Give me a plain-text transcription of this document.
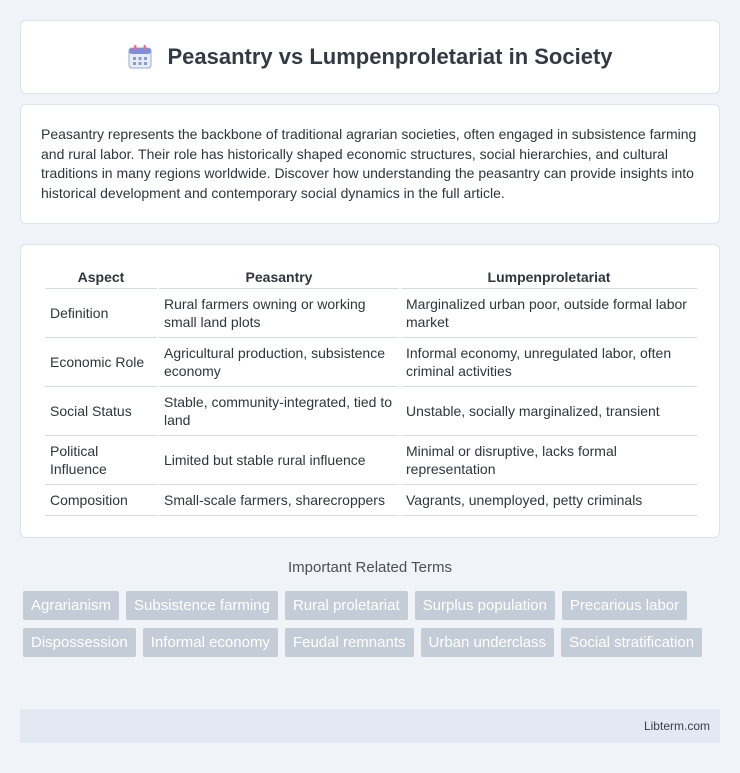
Peasantry vs Lumpenproletariat in Society

Peasantry represents the backbone of traditional agrarian societies, often engaged in subsistence farming and rural labor. Their role has historically shaped economic structures, social hierarchies, and cultural traditions in many regions worldwide. Discover how understanding the peasantry can provide insights into historical development and contemporary social dynamics in the full article.

Aspect	Peasantry	Lumpenproletariat
Definition	Rural farmers owning or working small land plots	Marginalized urban poor, outside formal labor market
Economic Role	Agricultural production, subsistence economy	Informal economy, unregulated labor, often criminal activities
Social Status	Stable, community-integrated, tied to land	Unstable, socially marginalized, transient
Political Influence	Limited but stable rural influence	Minimal or disruptive, lacks formal representation
Composition	Small-scale farmers, sharecroppers	Vagrants, unemployed, petty criminals
Important Related Terms
Agrarianism	Subsistence farming	Rural proletariat	Surplus population	Precarious labor
Dispossession	Informal economy	Feudal remnants	Urban underclass	Social stratification
Libterm.com
